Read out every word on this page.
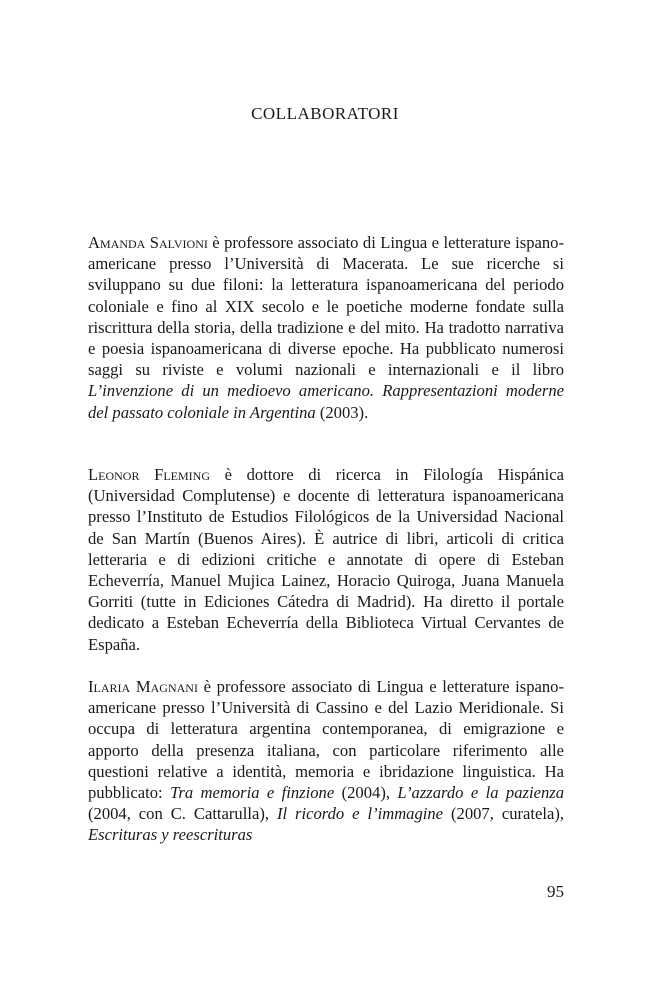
COLLABORATORI

Amanda Salvioni è professore associato di Lingua e letterature ispano-americane presso l’Università di Macerata. Le sue ricerche si sviluppano su due filoni: la letteratura ispanoamericana del periodo coloniale e fino al XIX secolo e le poetiche moderne fondate sulla riscrittura della storia, della tradizione e del mito. Ha tradotto narrativa e poesia ispanoamericana di diverse epoche. Ha pubblicato numerosi saggi su riviste e volumi nazionali e internazionali e il libro L’invenzione di un medioevo americano. Rappresentazioni moderne del passato coloniale in Argentina (2003).

Leonor Fleming è dottore di ricerca in Filología Hispánica (Universidad Complutense) e docente di letteratura ispanoamericana presso l’Instituto de Estudios Filológicos de la Universidad Nacional de San Martín (Buenos Aires). È autrice di libri, articoli di critica letteraria e di edizioni critiche e annotate di opere di Esteban Echeverría, Manuel Mujica Lainez, Horacio Quiroga, Juana Manuela Gorriti (tutte in Ediciones Cátedra di Madrid). Ha diretto il portale dedicato a Esteban Echeverría della Biblioteca Virtual Cervantes de España.

Ilaria Magnani è professore associato di Lingua e letterature ispano-americane presso l’Università di Cassino e del Lazio Meridionale. Si occupa di letteratura argentina contemporanea, di emigrazione e apporto della presenza italiana, con particolare riferimento alle questioni relative a identità, memoria e ibridazione linguistica. Ha pubblicato: Tra memoria e finzione (2004), L’azzardo e la pazienza (2004, con C. Cattarulla), Il ricordo e l’immagine (2007, curatela), Escrituras y reescrituras

95
